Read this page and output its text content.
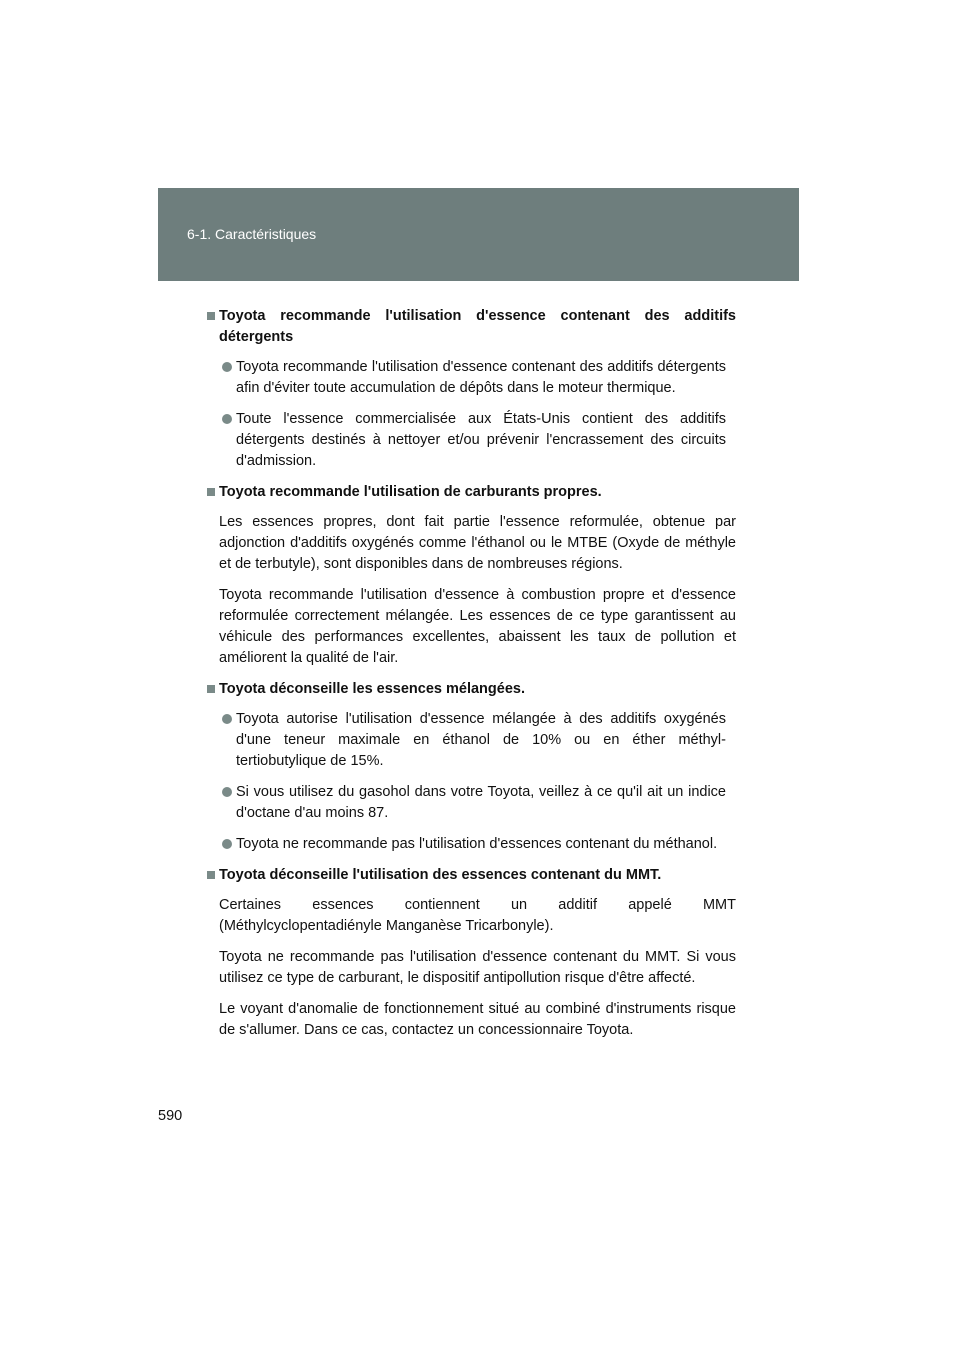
6-1. Caractéristiques
Toyota recommande l'utilisation d'essence contenant des additifs détergents
Toyota recommande l'utilisation d'essence contenant des additifs détergents afin d'éviter toute accumulation de dépôts dans le moteur thermique.
Toute l'essence commercialisée aux États-Unis contient des additifs détergents destinés à nettoyer et/ou prévenir l'encrassement des circuits d'admission.
Toyota recommande l'utilisation de carburants propres.
Les essences propres, dont fait partie l'essence reformulée, obtenue par adjonction d'additifs oxygénés comme l'éthanol ou le MTBE (Oxyde de méthyle et de terbutyle), sont disponibles dans de nombreuses régions.
Toyota recommande l'utilisation d'essence à combustion propre et d'essence reformulée correctement mélangée. Les essences de ce type garantissent au véhicule des performances excellentes, abaissent les taux de pollution et améliorent la qualité de l'air.
Toyota déconseille les essences mélangées.
Toyota autorise l'utilisation d'essence mélangée à des additifs oxygénés d'une teneur maximale en éthanol de 10% ou en éther méthyl-tertiobutylique de 15%.
Si vous utilisez du gasohol dans votre Toyota, veillez à ce qu'il ait un indice d'octane d'au moins 87.
Toyota ne recommande pas l'utilisation d'essences contenant du méthanol.
Toyota déconseille l'utilisation des essences contenant du MMT.
Certaines essences contiennent un additif appelé MMT (Méthylcyclopentadiényle Manganèse Tricarbonyle).
Toyota ne recommande pas l'utilisation d'essence contenant du MMT. Si vous utilisez ce type de carburant, le dispositif antipollution risque d'être affecté.
Le voyant d'anomalie de fonctionnement situé au combiné d'instruments risque de s'allumer. Dans ce cas, contactez un concessionnaire Toyota.
590
